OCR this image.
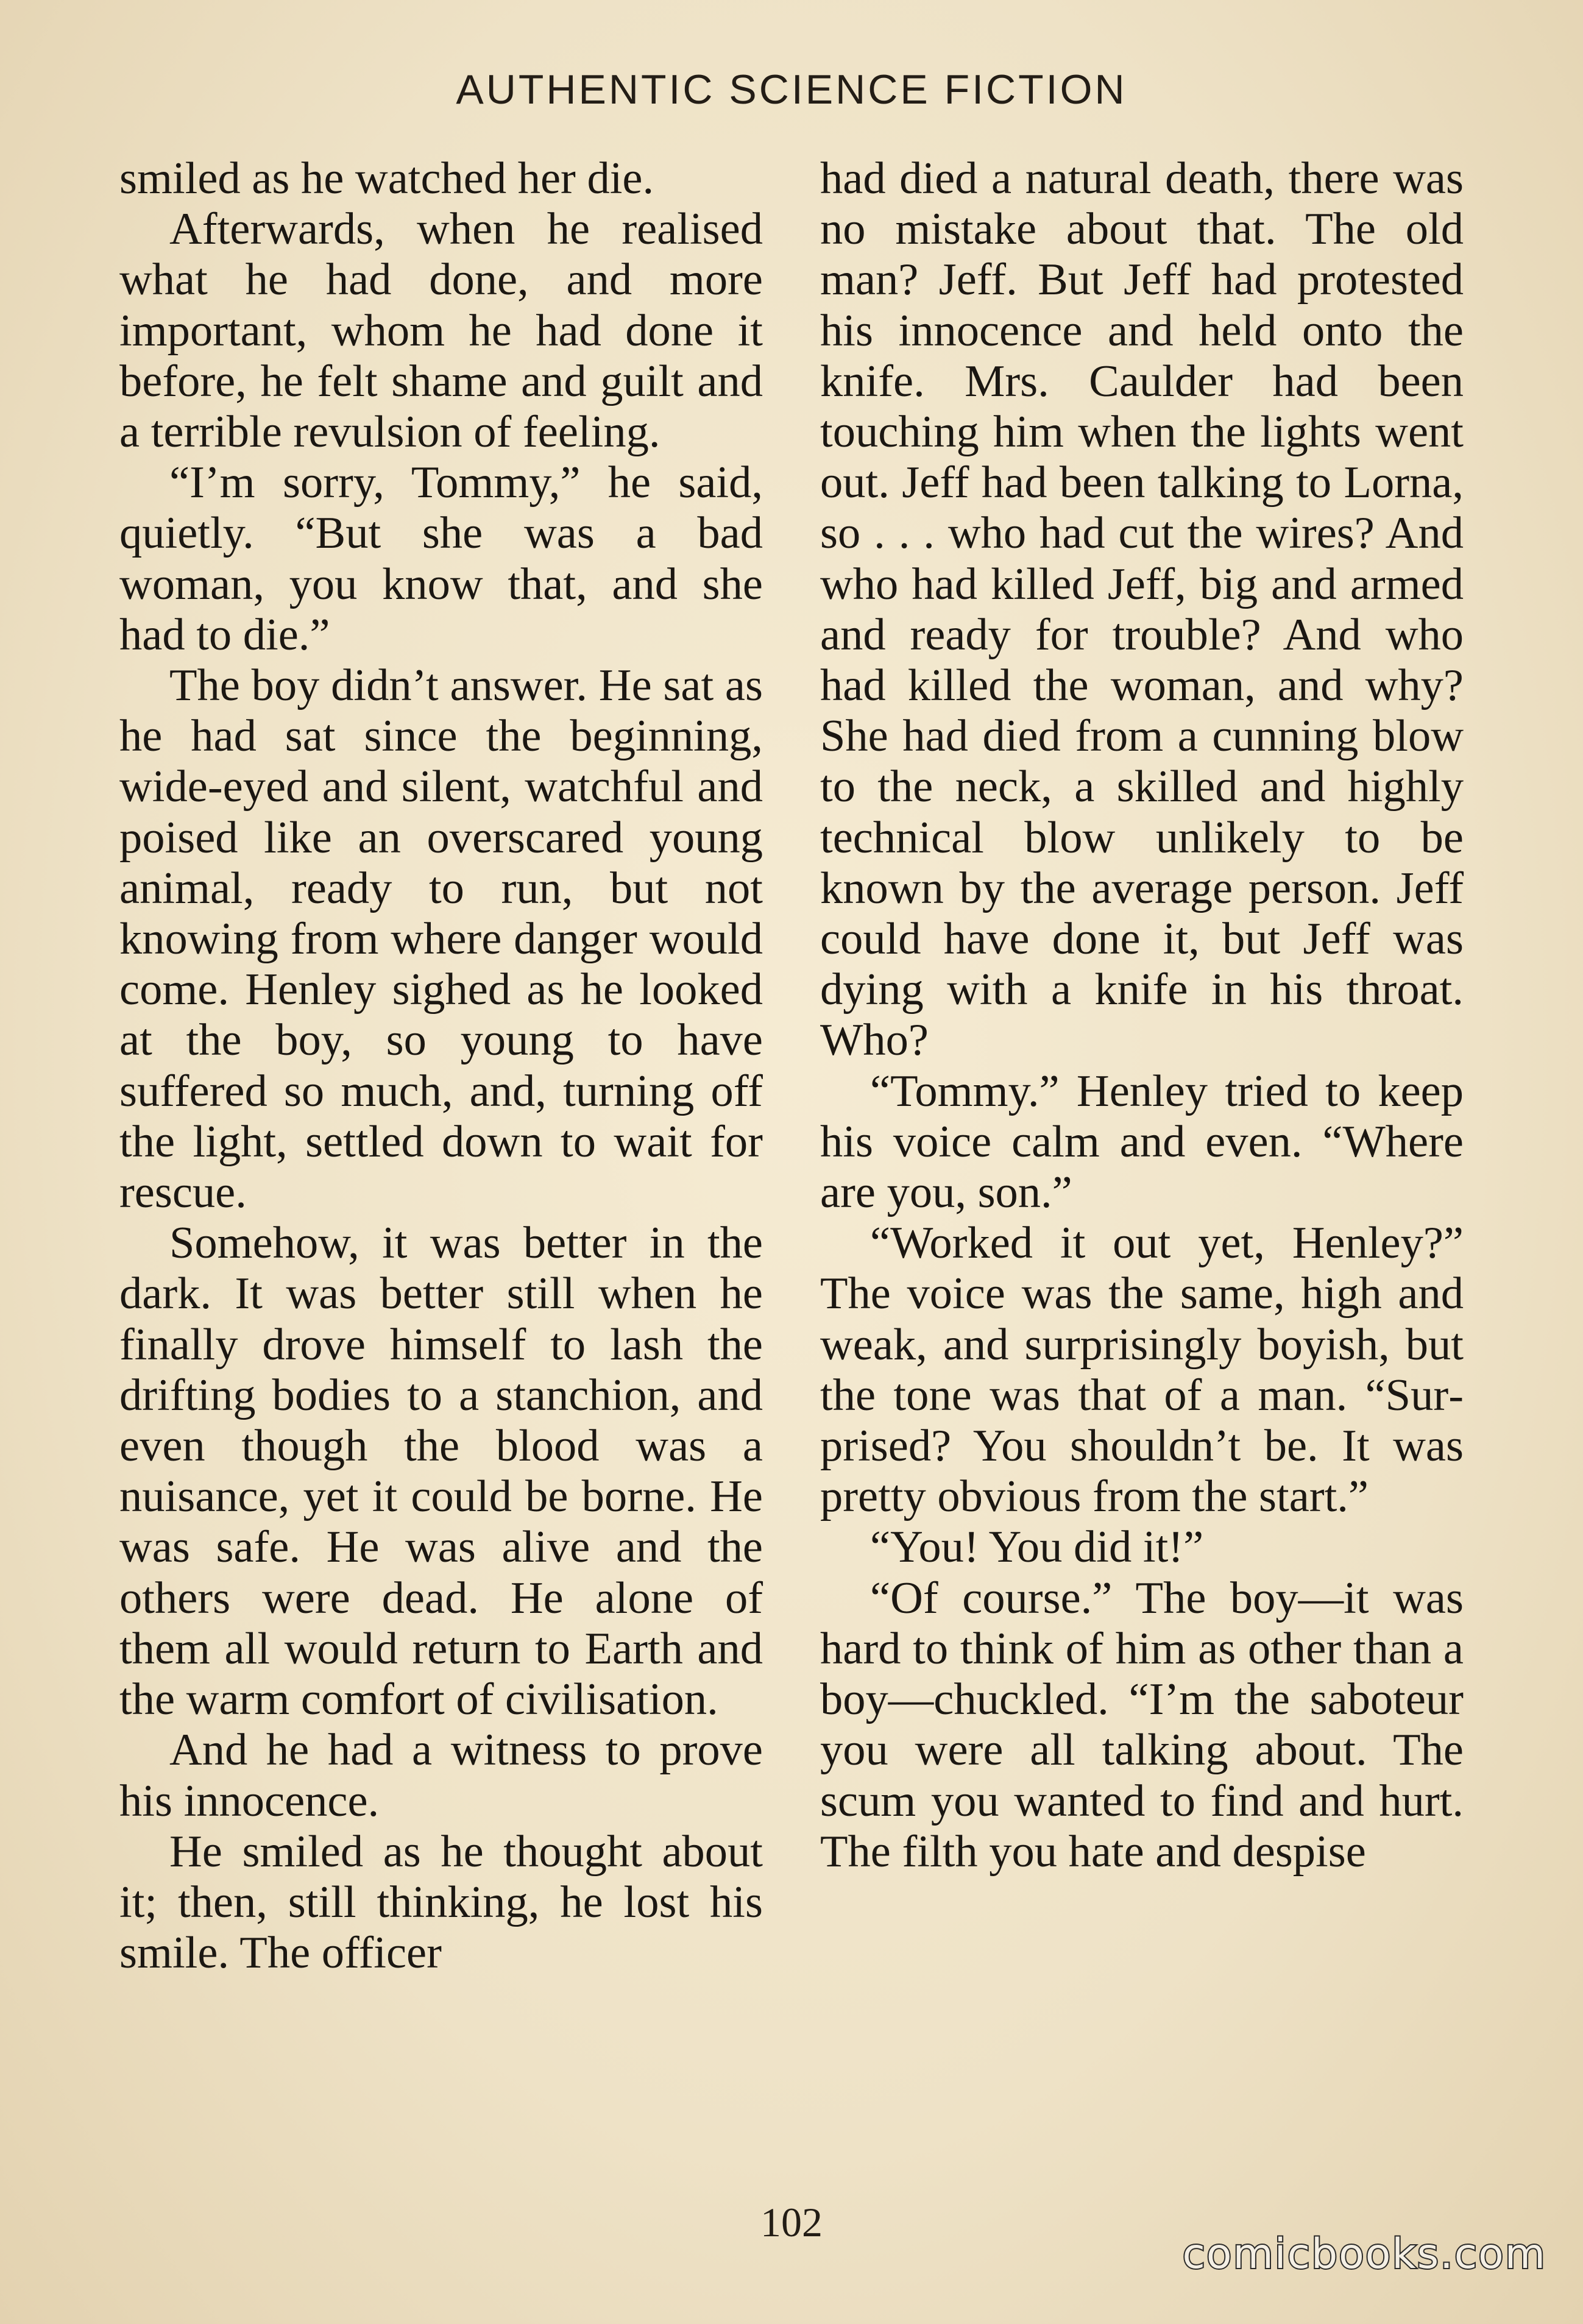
AUTHENTIC SCIENCE FICTION

smiled as he watched her die.

Afterwards, when he realised what he had done, and more important, whom he had done it before, he felt shame and guilt and a terrible revulsion of feeling.

“I’m sorry, Tommy,” he said, quietly. “But she was a bad woman, you know that, and she had to die.”

The boy didn’t answer. He sat as he had sat since the beginning, wide-eyed and silent, watchful and poised like an overscared young animal, ready to run, but not knowing from where danger would come. Henley sighed as he looked at the boy, so young to have suffered so much, and, turning off the light, settled down to wait for rescue.

Somehow, it was better in the dark. It was better still when he finally drove himself to lash the drifting bodies to a stanchion, and even though the blood was a nuisance, yet it could be borne. He was safe. He was alive and the others were dead. He alone of them all would return to Earth and the warm comfort of civilisation.

And he had a witness to prove his innocence.

He smiled as he thought about it; then, still thinking, he lost his smile. The officer

had died a natural death, there was no mistake about that. The old man? Jeff. But Jeff had protested his innocence and held onto the knife. Mrs. Caulder had been touching him when the lights went out. Jeff had been talking to Lorna, so . . . who had cut the wires? And who had killed Jeff, big and armed and ready for trouble? And who had killed the woman, and why? She had died from a cunning blow to the neck, a skilled and highly technical blow unlikely to be known by the average person. Jeff could have done it, but Jeff was dying with a knife in his throat. Who?

“Tommy.” Henley tried to keep his voice calm and even. “Where are you, son.”

“Worked it out yet, Henley?” The voice was the same, high and weak, and surprisingly boyish, but the tone was that of a man. “Surprised? You shouldn’t be. It was pretty obvious from the start.”

“You! You did it!”

“Of course.” The boy—it was hard to think of him as other than a boy—chuckled. “I’m the saboteur you were all talking about. The scum you wanted to find and hurt. The filth you hate and despise

102
comicbooks.com
